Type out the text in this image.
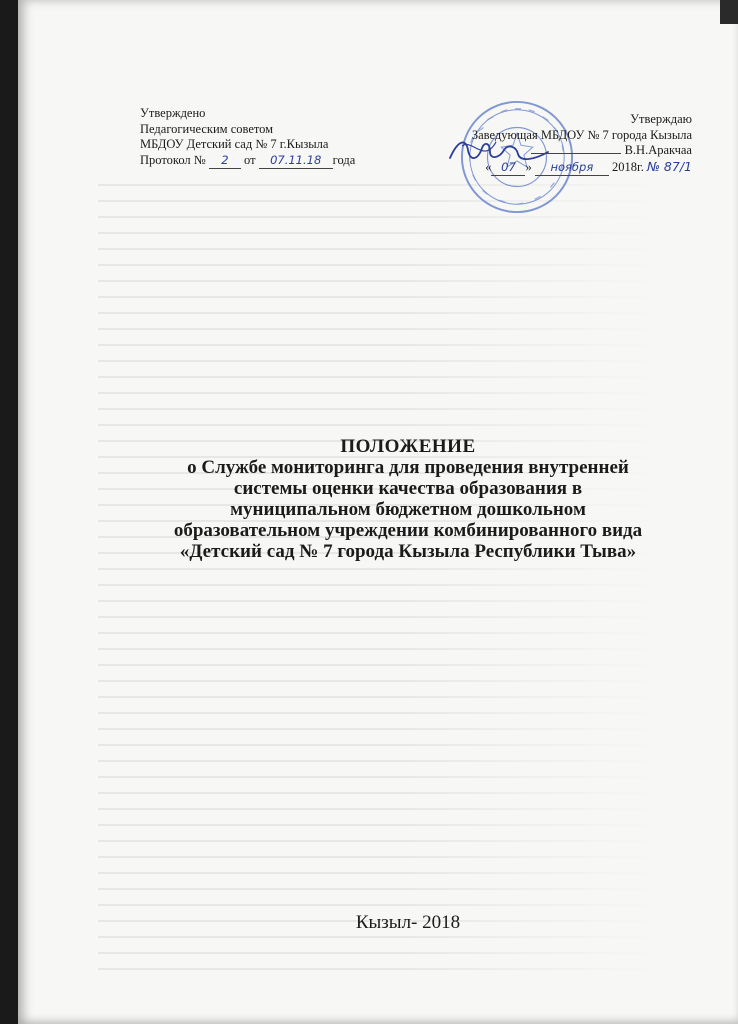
Утверждено
Педагогическим советом
МБДОУ Детский сад № 7 г.Кызыла
Протокол № 2 от 07.11.18 года
Утверждаю
Заведующая МБДОУ № 7 города Кызыла
В.Н.Аракчаа
« 07 » ноября 2018г. № 87/1
ПОЛОЖЕНИЕ
о Службе мониторинга для проведения внутренней
системы оценки качества образования в
муниципальном бюджетном дошкольном
образовательном учреждении комбинированного вида
«Детский сад № 7 города Кызыла Республики Тыва»
Кызыл- 2018
